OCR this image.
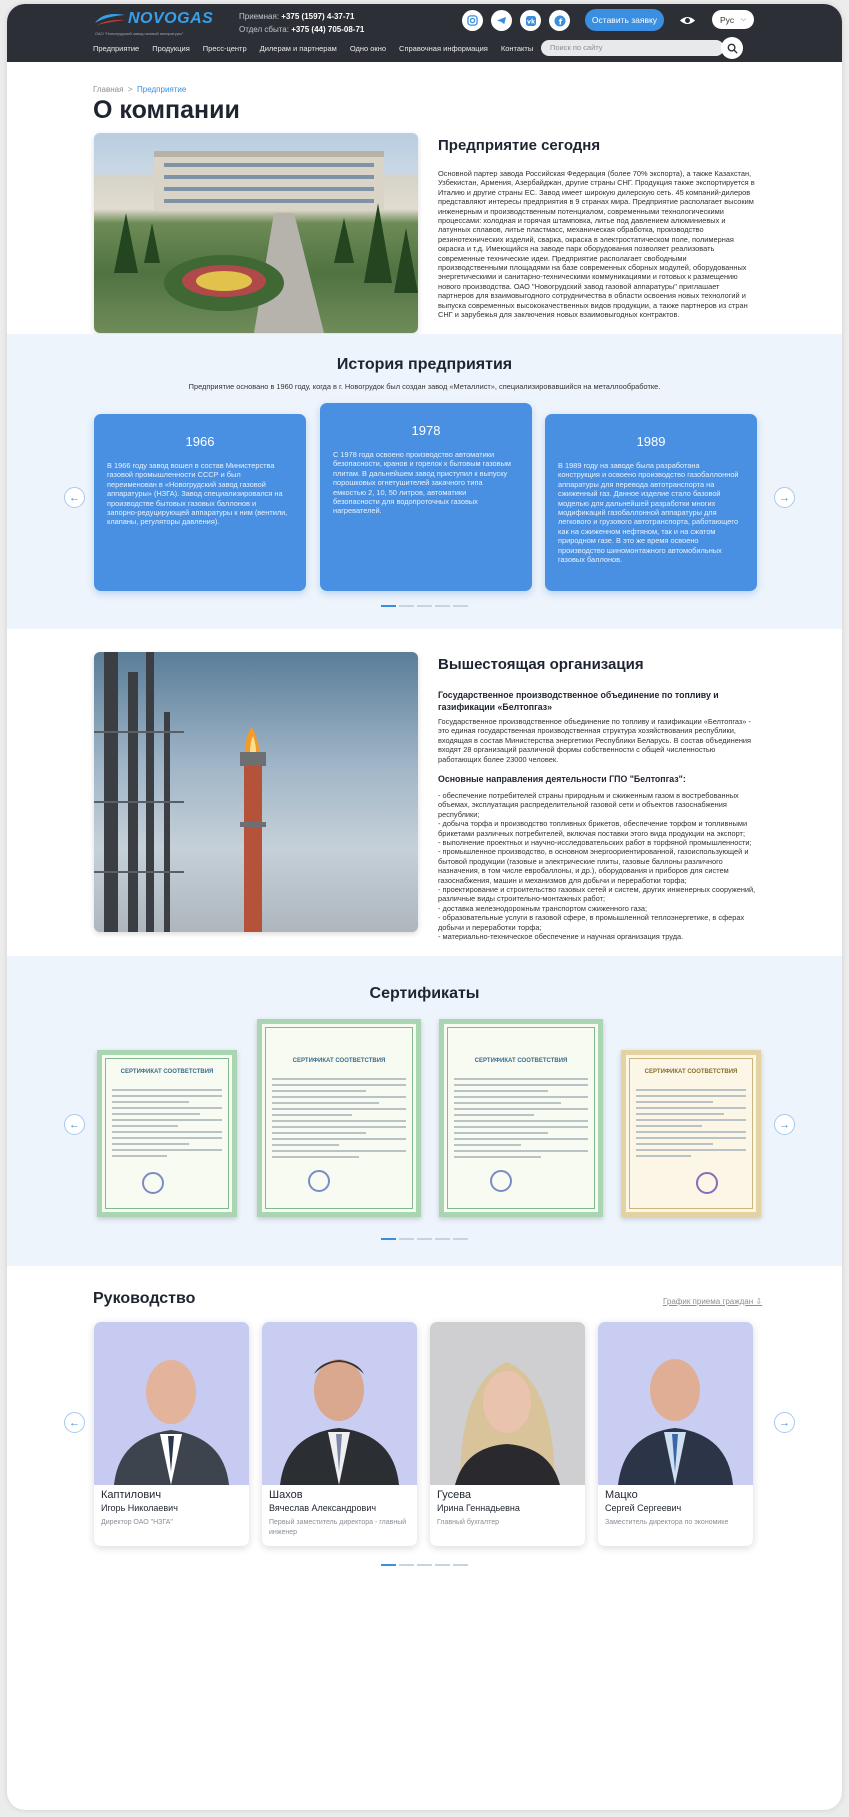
NOVOGAS
ОАО "Новогрудский завод газовой аппаратуры"
Приемная: +375 (1597) 4-37-71
Отдел сбыта: +375 (44) 705-08-71
vk	f	Оставить заявку	Рус ⌵
Предприятие Продукция Пресс-центр Дилерам и партнерам Одно окно Справочная информация Контакты	Поиск по сайту
Главная > Предприятие
О компании
Предприятие сегодня
Основной партер завода Российская Федерация (более 70% экспорта), а также Казахстан, Узбекистан, Армения, Азербайджан, другие страны СНГ. Продукция также экспортируется в Италию и другие страны ЕС. Завод имеет широкую дилерскую сеть. 45 компаний-дилеров представляют интересы предприятия в 9 странах мира. Предприятие располагает высоким инженерным и производственным потенциалом, современными технологическими процессами: холодная и горячая штамповка, литье под давлением алюминиевых и латунных сплавов, литье пластмасс, механическая обработка, производство резинотехнических изделий, сварка, окраска в электростатическом поле, полимерная окраска и т.д. Имеющийся на заводе парк оборудования позволяет реализовать современные технические идеи. Предприятие располагает свободными производственными площадями на базе современных сборных модулей, оборудованных энергетическими и санитарно-техническими коммуникациями и готовых к размещению нового производства. ОАО "Новогрудский завод газовой аппаратуры" приглашает партнеров для взаимовыгодного сотрудничества в области освоения новых технологий и выпуска современных высококачественных видов продукции, а также партнеров из стран СНГ и зарубежья для заключения новых взаимовыгодных контрактов.
История предприятия
Предприятие основано в 1960 году, когда в г. Новогрудок был создан завод «Металлист», специализировавшийся на металлообработке.
←	→
1966
В 1966 году завод вошел в состав Министерства газовой промышленности СССР и был переименован в «Новогрудский завод газовой аппаратуры» (НЗГА). Завод специализировался на производстве бытовых газовых баллонов и запорно-редуцирующей аппаратуры к ним (вентили, клапаны, регуляторы давления).
1978
С 1978 года освоено производство автоматики безопасности, кранов и горелок к бытовым газовым плитам. В дальнейшем завод приступил к выпуску порошковых огнетушителей закачного типа емкостью 2, 10, 50 литров, автоматики безопасности для водопроточных газовых нагревателей.
1989
В 1989 году на заводе была разработана конструкция и освоено производство газобаллонной аппаратуры для перевода автотранспорта на сжиженный газ. Данное изделие стало базовой моделью для дальнейшей разработки многих модификаций газобаллонной аппаратуры для легкового и грузового автотранспорта, работающего как на сжиженном нефтяном, так и на сжатом природном газе. В это же время освоено производство шиномонтажного автомобильных газовых баллонов.
Вышестоящая организация
Государственное производственное объединение по топливу и газификации «Белтопгаз»
Государственное производственное объединение по топливу и газификации «Белтопгаз» - это единая государственная производственная структура хозяйствования республики, входящая в состав Министерства энергетики Республики Беларусь. В состав объединения входят 28 организаций различной формы собственности с общей численностью работающих более 23000 человек.
Основные направления деятельности ГПО "Белтопгаз":
- обеспечение потребителей страны природным и сжиженным газом в востребованных объемах, эксплуатация распределительной газовой сети и объектов газоснабжения республики;
- добыча торфа и производство топливных брикетов, обеспечение торфом и топливными брикетами различных потребителей, включая поставки этого вида продукции на экспорт;
- выполнение проектных и научно-исследовательских работ в торфяной промышленности;
- промышленное производство, в основном энергоориентированной, газоиспользующей и бытовой продукции (газовые и электрические плиты, газовые баллоны различного назначения, в том числе евробаллоны, и др.), оборудования и приборов для систем газоснабжения, машин и механизмов для добычи и переработки торфа;
- проектирование и строительство газовых сетей и систем, других инженерных сооружений, различные виды строительно-монтажных работ;
- доставка железнодорожным транспортом сжиженного газа;
- образовательные услуги в газовой сфере, в промышленной теплоэнергетике, в сферах добычи и переработки торфа;
- материально-техническое обеспечение и научная организация труда.
Сертификаты
←	→
СЕРТИФИКАТ СООТВЕТСТВИЯ
СЕРТИФИКАТ СООТВЕТСТВИЯ	СЕРТИФИКАТ СООТВЕТСТВИЯ
СЕРТИФИКАТ СООТВЕТСТВИЯ
Руководство	График приема граждан ⇩
←	→
Каптилович
Игорь Николаевич
Директор ОАО "НЗГА"
Шахов
Вячеслав Александрович
Первый заместитель директора - главный инженер
Гусева
Ирина Геннадьевна
Главный бухгалтер
Мацко
Сергей Сергеевич
Заместитель директора по экономике
